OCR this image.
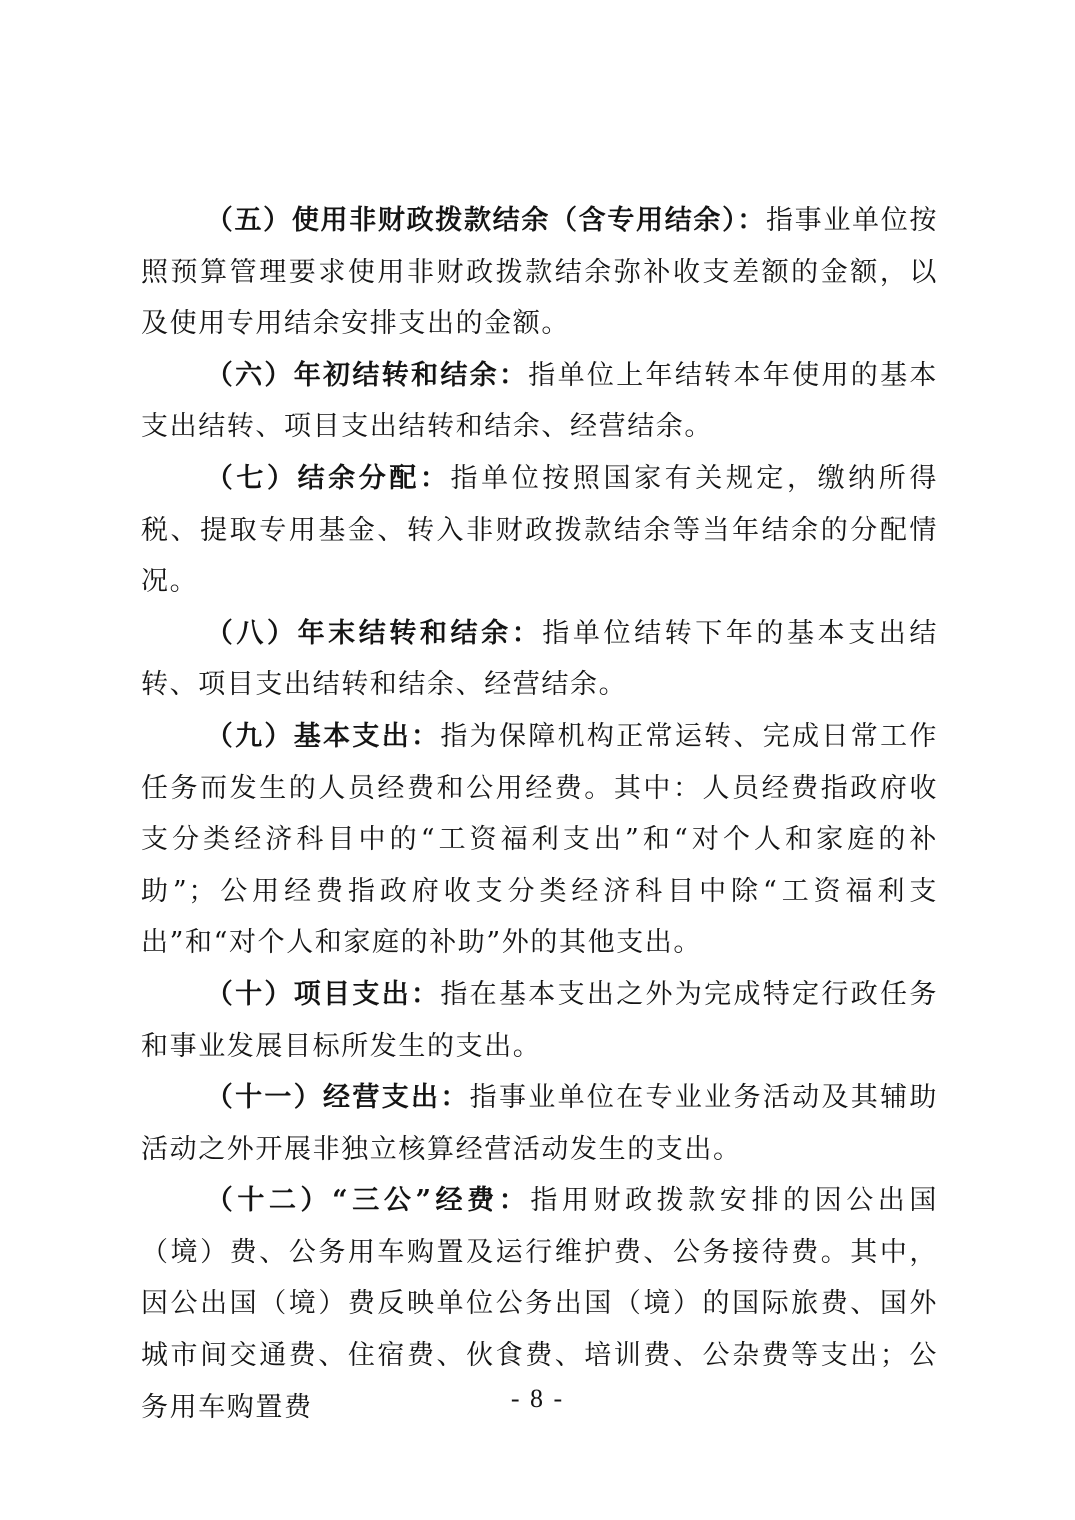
（五）使用非财政拨款结余（含专用结余）：指事业单位按照预算管理要求使用非财政拨款结余弥补收支差额的金额，以及使用专用结余安排支出的金额。

（六）年初结转和结余：指单位上年结转本年使用的基本支出结转、项目支出结转和结余、经营结余。

（七）结余分配：指单位按照国家有关规定，缴纳所得税、提取专用基金、转入非财政拨款结余等当年结余的分配情况。

（八）年末结转和结余：指单位结转下年的基本支出结转、项目支出结转和结余、经营结余。

（九）基本支出：指为保障机构正常运转、完成日常工作任务而发生的人员经费和公用经费。其中：人员经费指政府收支分类经济科目中的“工资福利支出”和“对个人和家庭的补助”；公用经费指政府收支分类经济科目中除“工资福利支出”和“对个人和家庭的补助”外的其他支出。

（十）项目支出：指在基本支出之外为完成特定行政任务和事业发展目标所发生的支出。

（十一）经营支出：指事业单位在专业业务活动及其辅助活动之外开展非独立核算经营活动发生的支出。

（十二）“三公”经费：指用财政拨款安排的因公出国（境）费、公务用车购置及运行维护费、公务接待费。其中，因公出国（境）费反映单位公务出国（境）的国际旅费、国外城市间交通费、住宿费、伙食费、培训费、公杂费等支出；公务用车购置费	- 8 -
